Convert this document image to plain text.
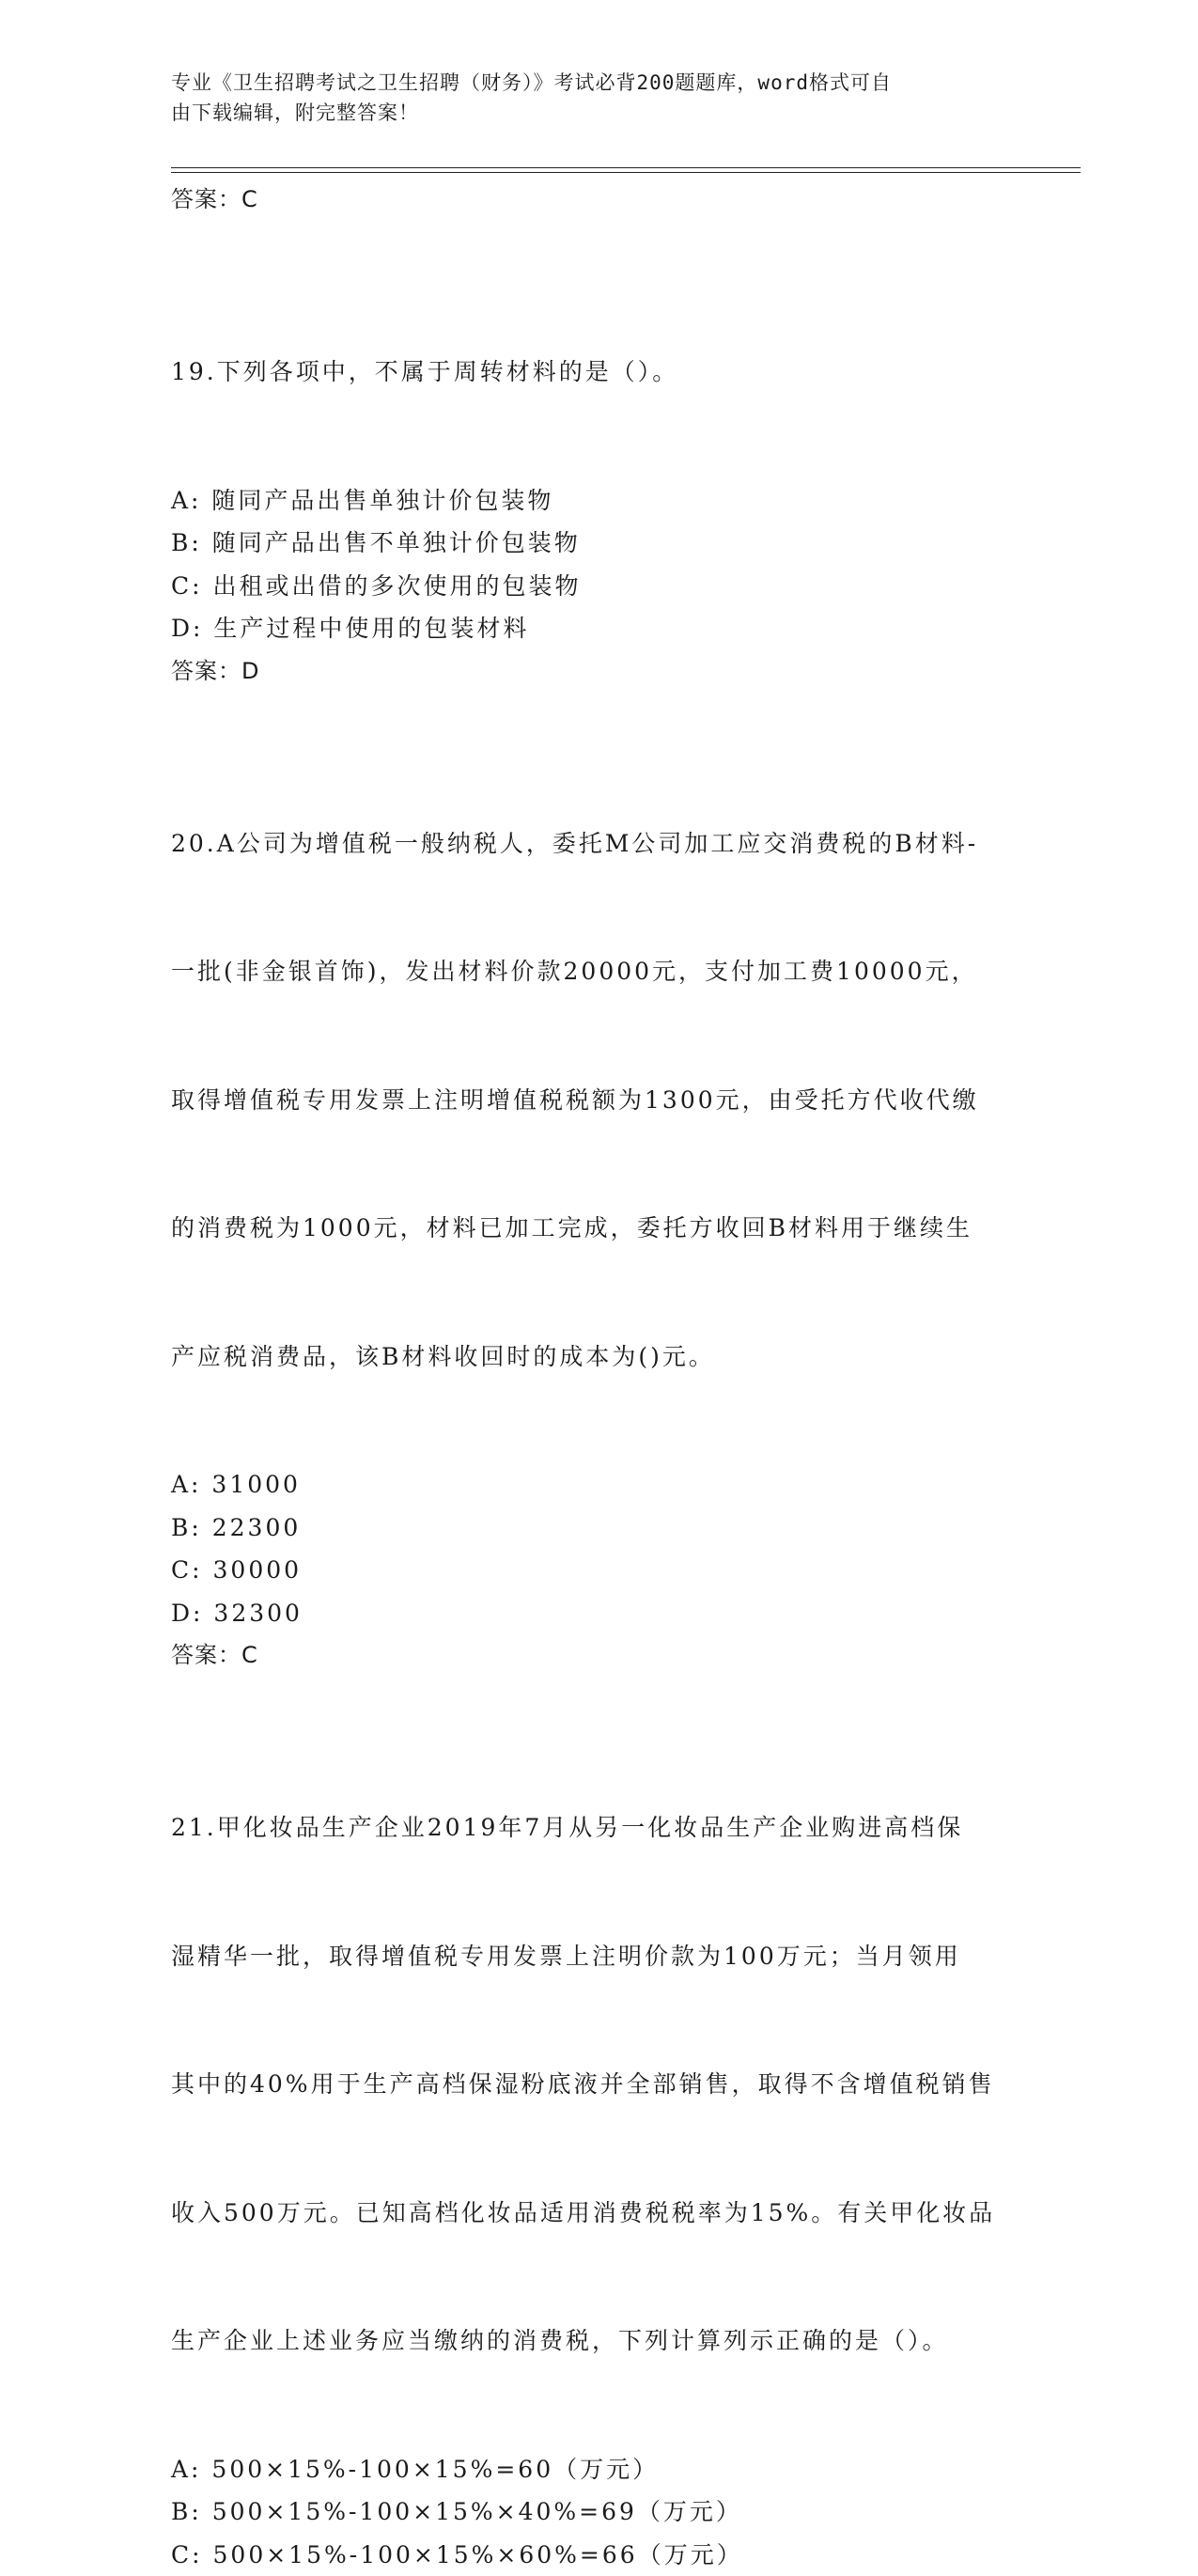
专业《卫生招聘考试之卫生招聘（财务）》考试必背200题题库，word格式可自
由下载编辑，附完整答案！
答案：C

19.下列各项中，不属于周转材料的是（）。

A: 随同产品出售单独计价包装物
B: 随同产品出售不单独计价包装物
C: 出租或出借的多次使用的包装物
D: 生产过程中使用的包装材料
答案：D

20.A公司为增值税一般纳税人，委托M公司加工应交消费税的B材料-

一批(非金银首饰)，发出材料价款20000元，支付加工费10000元，

取得增值税专用发票上注明增值税税额为1300元，由受托方代收代缴

的消费税为1000元，材料已加工完成，委托方收回B材料用于继续生

产应税消费品，该B材料收回时的成本为()元。

A: 31000
B: 22300
C: 30000
D: 32300
答案：C

21.甲化妆品生产企业2019年7月从另一化妆品生产企业购进高档保

湿精华一批，取得增值税专用发票上注明价款为100万元；当月领用

其中的40%用于生产高档保湿粉底液并全部销售，取得不含增值税销售

收入500万元。已知高档化妆品适用消费税税率为15%。有关甲化妆品

生产企业上述业务应当缴纳的消费税，下列计算列示正确的是（）。

A: 500×15%-100×15%=60（万元）
B: 500×15%-100×15%×40%=69（万元）
C: 500×15%-100×15%×60%=66（万元）
